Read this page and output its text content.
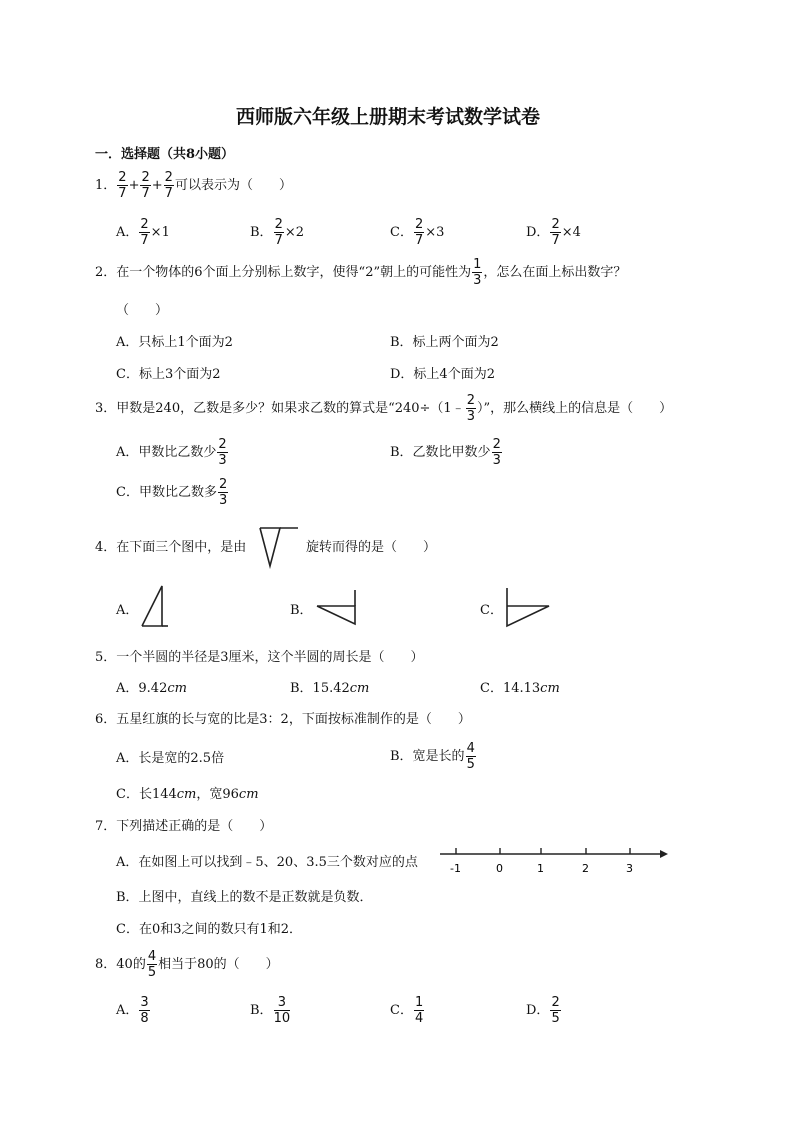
西师版六年级上册期末考试数学试卷
一．选择题（共8小题）
1．
2
7
+ $\frac{2}{7} + \frac{2}{7}$ 可以表示为（　　）
A． $\frac{2}{7} \times 1$	B． $\frac{2}{7} \times 2$	C． $\frac{2}{7} \times 3$	D． $\frac{2}{7} \times 4$
2．在一个物体的6个面上分别标上数字，使得“2”朝上的可能性为
1
3
，怎么在面上标出数字？
（　　）
A．只标上1个面为2	B．标上两个面为2
C．标上3个面为2	D．标上4个面为2
3．甲数是240，乙数是多少？如果求乙数的算式是“240÷（1﹣
2
3
）”，那么横线上的信息是（　　）
A．甲数比乙数少
2
3
B．乙数比甲数少
2
3
C．甲数比乙数多
2
3
4．在下面三个图中，是由	旋转而得的是（　　）
A．	B．	C．
5．一个半圆的半径是3厘米，这个半圆的周长是（　　）
A．9.42cm	B．15.42cm	C．14.13cm
6．五星红旗的长与宽的比是3：2，下面按标准制作的是（　　）
A．长是宽的2.5倍	B．宽是长的
4
5
C．长144cm，宽96cm
7．下列描述正确的是（　　）
A．在如图上可以找到﹣5、20、3.5三个数对应的点	-1	0	1	2	3
B．上图中，直线上的数不是正数就是负数．
C．在0和3之间的数只有1和2．
8．40的
4
5
相当于80的（　　）
A．
3
8
B．
3
10
C．
1
4
D．
2
5
